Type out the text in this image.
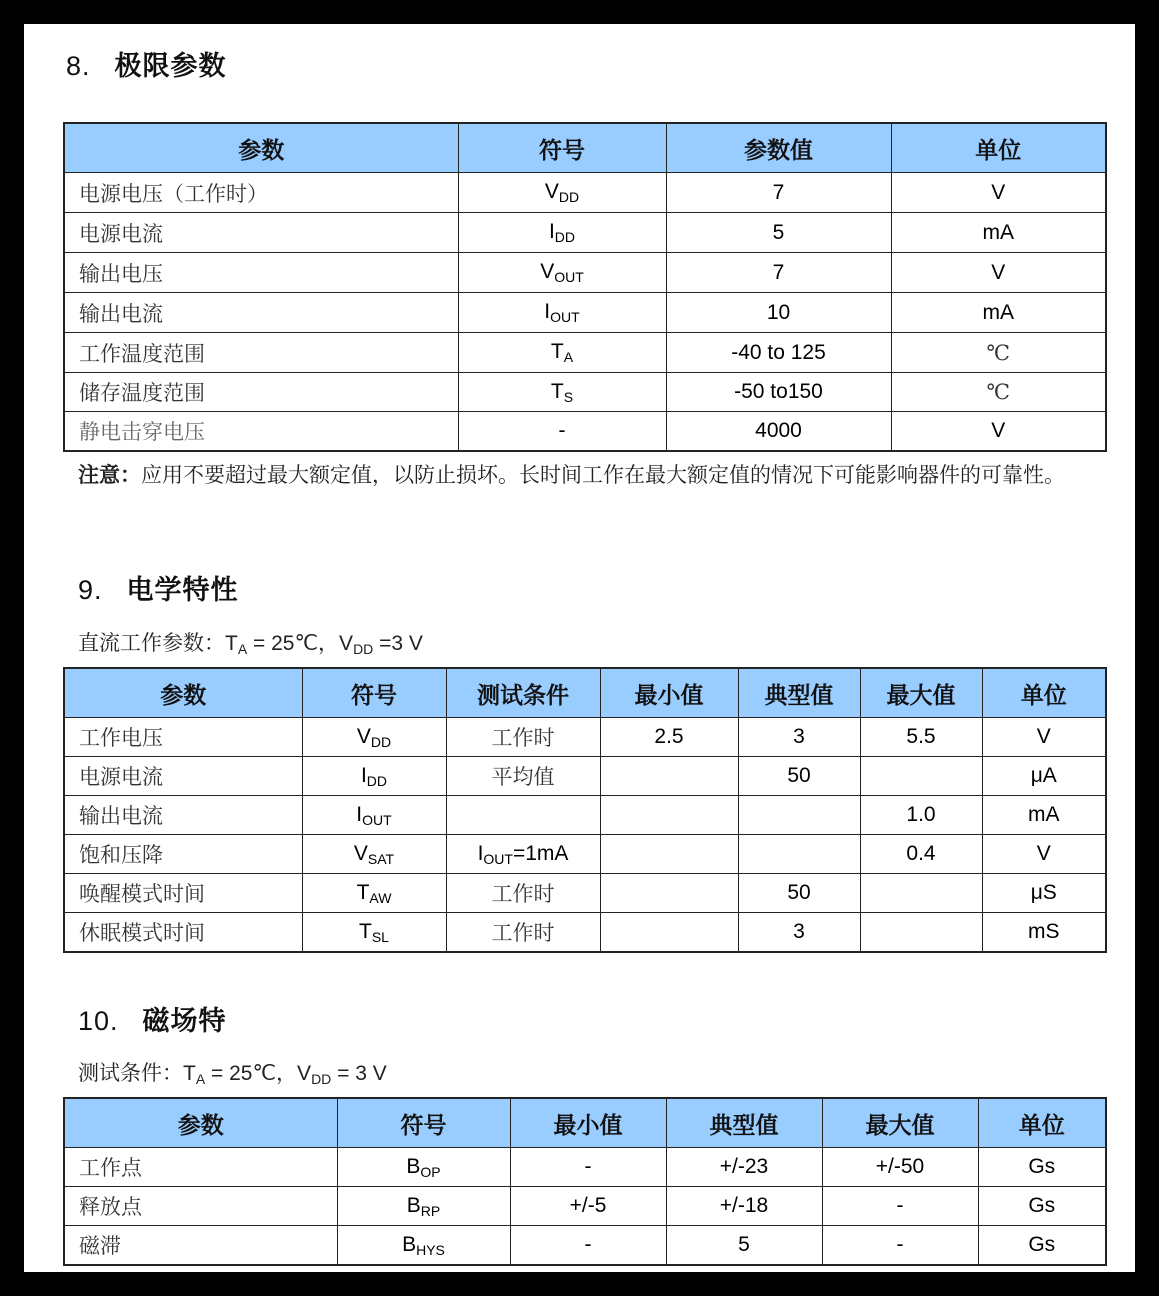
8. 极限参数
参数	符号	参数值	单位
电源电压（工作时）	$V_{DD}$	7	V
电源电流	$I_{DD}$	5	mA
输出电压	$V_{OUT}$	7	V
输出电流	$I_{OUT}$	10	mA
工作温度范围	$T_A$	-40 to 125	℃
储存温度范围	$T_S$	-50 to150	℃
静电击穿电压	-	4000	V
注意：应用不要超过最大额定值，以防止损坏。长时间工作在最大额定值的情况下可能影响器件的可靠性。
9. 电学特性
直流工作参数：$T_A$ = 25℃，$V_{DD} =3$ V
参数	符号	测试条件	最小值	典型值	最大值	单位
工作电压	$V_{DD}$	工作时	2.5	3	5.5	V
电源电流	$I_{DD}$	平均值		50		μA
输出电流	$I_{OUT}$				1.0	mA
饱和压降	$V_{SAT}$	$I_{OUT}=1mA$			0.4	V
唤醒模式时间	$T_{AW}$	工作时		50		μS
休眠模式时间	$T_{SL}$	工作时		3		mS
10. 磁场特
测试条件：$T_A$ = 25℃，$V_{DD} = 3$ V
参数	符号	最小值	典型值	最大值	单位
工作点	$B_{OP}$	-	+/-23	+/-50	Gs
释放点	$B_{RP}$	+/-5	+/-18	-	Gs
磁滞	$B_{HYS}$	-	5	-	Gs
